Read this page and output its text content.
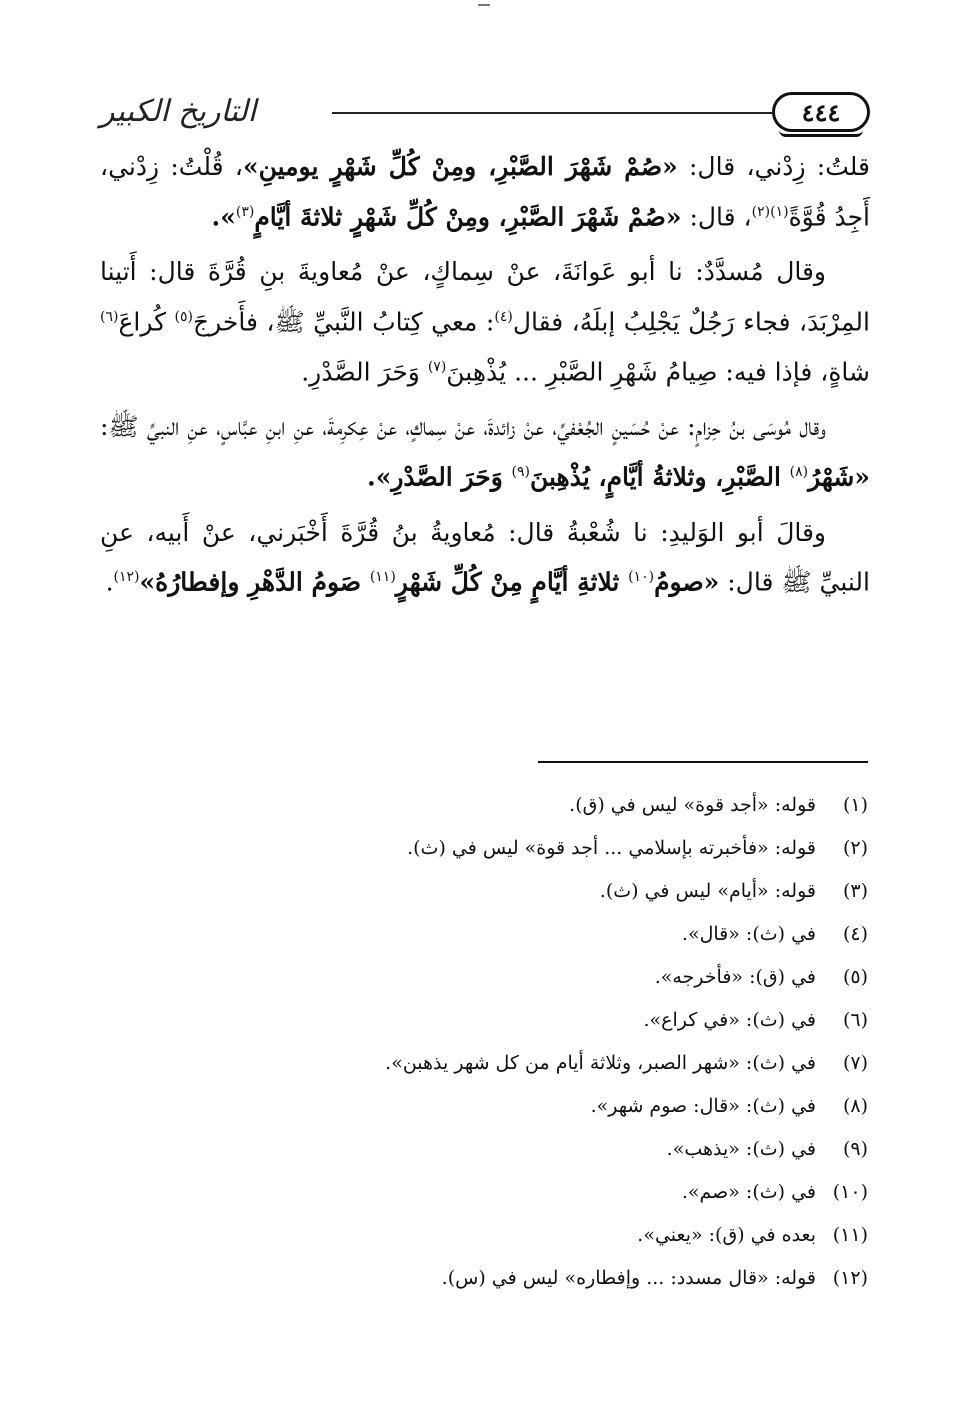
التاريخ الكبير	٤٤٤

قلتُ: زِدْني، قال: «صُمْ شَهْرَ الصَّبْرِ، ومِنْ كُلِّ شَهْرٍ يومينِ»، قُلْتُ: زِدْني، أَجِدُ قُوَّةً$^{(١)(٢)}$، قال: «صُمْ شَهْرَ الصَّبْرِ، ومِنْ كُلِّ شَهْرٍ ثلاثةَ أيَّامٍ$^{(٣)}$».

وقال مُسدَّدٌ: نا أبو عَوانَةَ، عنْ سِماكٍ، عنْ مُعاويةَ بنِ قُرَّةَ قال: أَتينا المِرْبَدَ، فجاء رَجُلٌ يَجْلِبُ إبلَهُ، فقال$^{(٤)}$: معي كِتابُ النَّبيِّ ﷺ، فأَخرجَ$^{(٥)}$ كُراعَ$^{(٦)}$ شاةٍ، فإذا فيه: صِيامُ شَهْرِ الصَّبْرِ ... يُذْهِبنَ$^{(٧)}$ وَحَرَ الصَّدْرِ.

وقال مُوسَى بنُ حِزامٍ: عنْ حُسَينٍ الجُعْفيِّ، عنْ زائدةَ، عنْ سِماكٍ، عنْ عِكرِمةَ، عنِ ابنِ عبَّاسٍ، عنِ النبيِّ ﷺ: «شَهْرُ$^{(٨)}$ الصَّبْرِ، وثلاثةُ أيَّامٍ، يُذْهِبنَ$^{(٩)}$ وَحَرَ الصَّدْرِ».

وقالَ أبو الوَليدِ: نا شُعْبةُ قال: مُعاويةُ بنُ قُرَّةَ أَخْبَرني، عنْ أَبيه، عنِ النبيِّ ﷺ قال: «صومُ$^{(١٠)}$ ثلاثةِ أيَّامٍ مِنْ كُلِّ شَهْرٍ$^{(١١)}$ صَومُ الدَّهْرِ وإفطارُهُ»$^{(١٢)}$.

(١)
قوله: «أجد قوة» ليس في (ق).
(٢)
قوله: «فأخبرته بإسلامي ... أجد قوة» ليس في (ث).
(٣)
قوله: «أيام» ليس في (ث).
(٤)
في (ث): «قال».
(٥)
في (ق): «فأخرجه».
(٦)
في (ث): «في كراع».
(٧)
في (ث): «شهر الصبر، وثلاثة أيام من كل شهر يذهبن».
(٨)
في (ث): «قال: صوم شهر».
(٩)
في (ث): «يذهب».
(١٠)
في (ث): «صم».
(١١)
بعده في (ق): «يعني».
(١٢)
قوله: «قال مسدد: ... وإفطاره» ليس في (س).
